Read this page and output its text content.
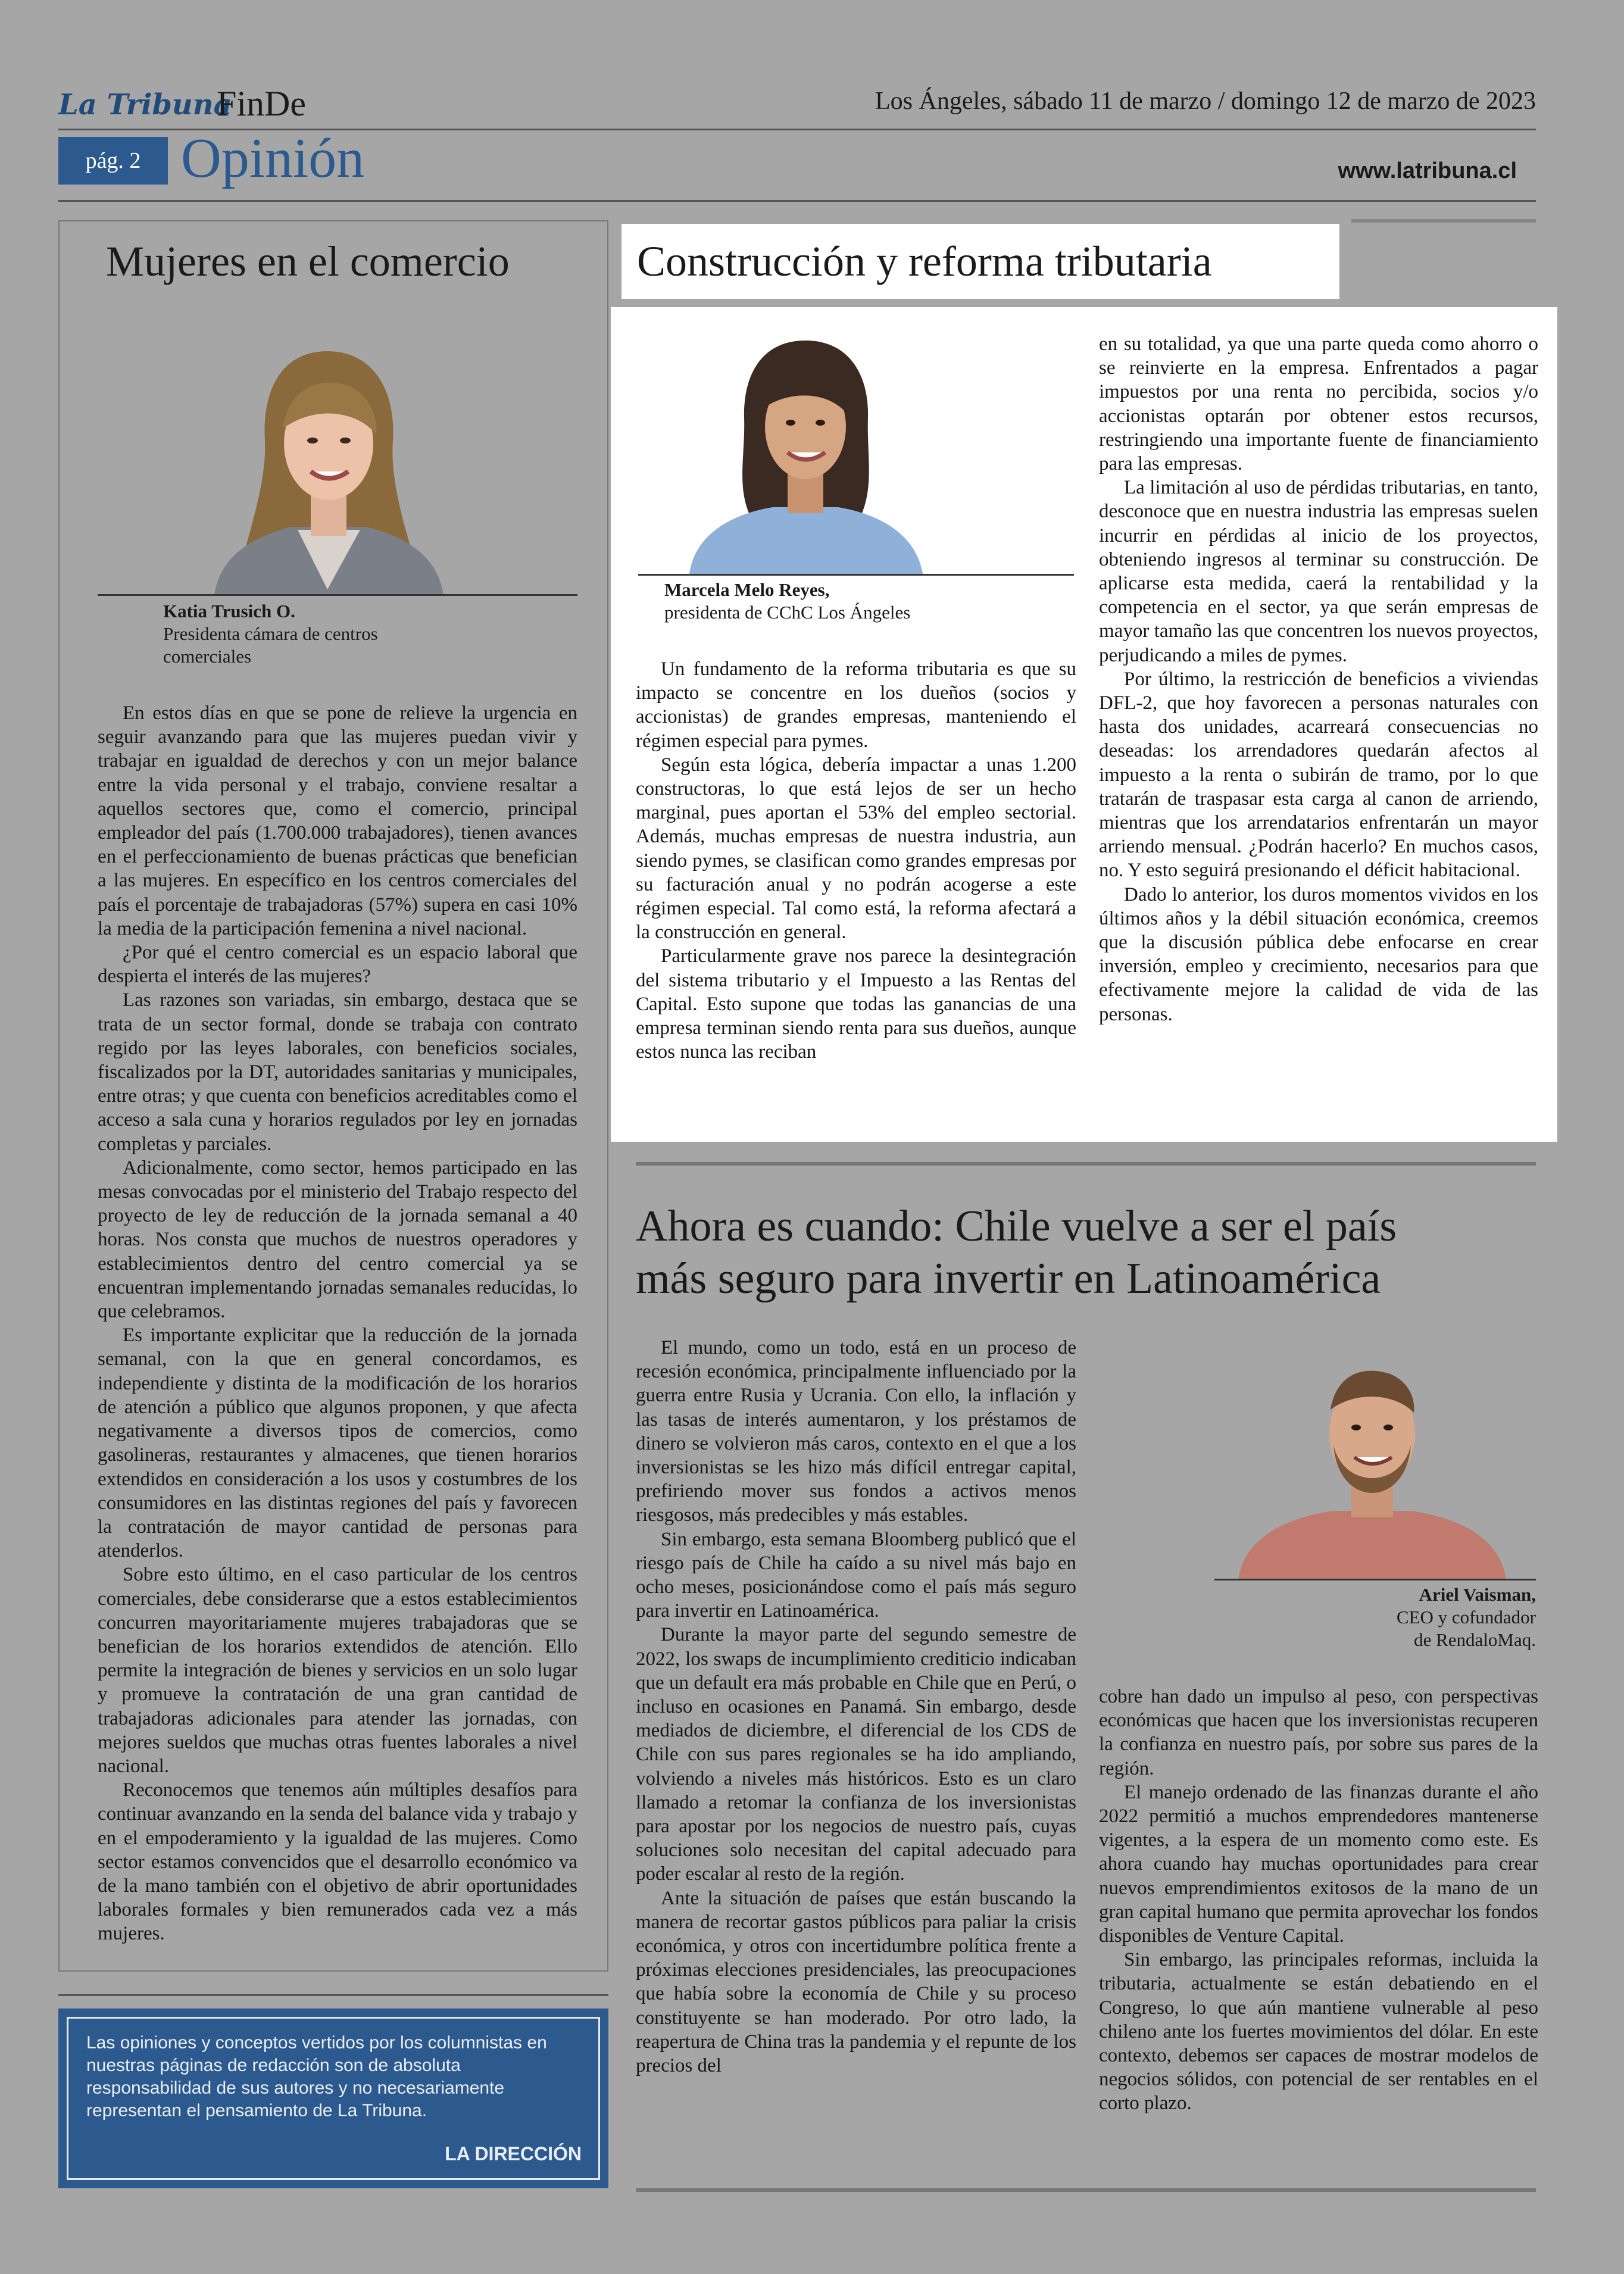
La Tribuna
FinDe	Los Ángeles, sábado 11 de marzo / domingo 12 de marzo de 2023
pág. 2 Opinión	www.latribuna.cl
Mujeres en el comercio
Katia Trusich O.
Presidenta cámara de centros
comerciales

En estos días en que se pone de relieve la urgencia en seguir avanzando para que las mujeres puedan vivir y trabajar en igualdad de derechos y con un mejor balance entre la vida personal y el trabajo, conviene resaltar a aquellos sectores que, como el comercio, principal empleador del país (1.700.000 trabajadores), tienen avances en el perfeccionamiento de buenas prácticas que benefician a las mujeres. En específico en los centros comerciales del país el porcentaje de trabajadoras (57%) supera en casi 10% la media de la participación femenina a nivel nacional.

¿Por qué el centro comercial es un espacio laboral que despierta el interés de las mujeres?

Las razones son variadas, sin embargo, destaca que se trata de un sector formal, donde se trabaja con contrato regido por las leyes laborales, con beneficios sociales, fiscalizados por la DT, autoridades sanitarias y municipales, entre otras; y que cuenta con beneficios acreditables como el acceso a sala cuna y horarios regulados por ley en jornadas completas y parciales.

Adicionalmente, como sector, hemos participado en las mesas convocadas por el ministerio del Trabajo respecto del proyecto de ley de reducción de la jornada semanal a 40 horas. Nos consta que muchos de nuestros operadores y establecimientos dentro del centro comercial ya se encuentran implementando jornadas semanales reducidas, lo que celebramos.

Es importante explicitar que la reducción de la jornada semanal, con la que en general concordamos, es independiente y distinta de la modificación de los horarios de atención a público que algunos proponen, y que afecta negativamente a diversos tipos de comercios, como gasolineras, restaurantes y almacenes, que tienen horarios extendidos en consideración a los usos y costumbres de los consumidores en las distintas regiones del país y favorecen la contratación de mayor cantidad de personas para atenderlos.

Sobre esto último, en el caso particular de los centros comerciales, debe considerarse que a estos establecimientos concurren mayoritariamente mujeres trabajadoras que se benefician de los horarios extendidos de atención. Ello permite la integración de bienes y servicios en un solo lugar y promueve la contratación de una gran cantidad de trabajadoras adicionales para atender las jornadas, con mejores sueldos que muchas otras fuentes laborales a nivel nacional.

Reconocemos que tenemos aún múltiples desafíos para continuar avanzando en la senda del balance vida y trabajo y en el empoderamiento y la igualdad de las mujeres. Como sector estamos convencidos que el desarrollo económico va de la mano también con el objetivo de abrir oportunidades laborales formales y bien remunerados cada vez a más mujeres.

Las opiniones y conceptos vertidos por los columnistas en nuestras páginas de redacción son de absoluta responsabilidad de sus autores y no necesariamente representan el pensamiento de La Tribuna.
LA DIRECCIÓN
Construcción y reforma tributaria
Marcela Melo Reyes,
presidenta de CChC Los Ángeles

Un fundamento de la reforma tributaria es que su impacto se concentre en los dueños (socios y accionistas) de grandes empresas, manteniendo el régimen especial para pymes.

Según esta lógica, debería impactar a unas 1.200 constructoras, lo que está lejos de ser un hecho marginal, pues aportan el 53% del empleo sectorial. Además, muchas empresas de nuestra industria, aun siendo pymes, se clasifican como grandes empresas por su facturación anual y no podrán acogerse a este régimen especial. Tal como está, la reforma afectará a la construcción en general.

Particularmente grave nos parece la desintegración del sistema tributario y el Impuesto a las Rentas del Capital. Esto supone que todas las ganancias de una empresa terminan siendo renta para sus dueños, aunque estos nunca las reciban

en su totalidad, ya que una parte queda como ahorro o se reinvierte en la empresa. Enfrentados a pagar impuestos por una renta no percibida, socios y/o accionistas optarán por obtener estos recursos, restringiendo una importante fuente de financiamiento para las empresas.

La limitación al uso de pérdidas tributarias, en tanto, desconoce que en nuestra industria las empresas suelen incurrir en pérdidas al inicio de los proyectos, obteniendo ingresos al terminar su construcción. De aplicarse esta medida, caerá la rentabilidad y la competencia en el sector, ya que serán empresas de mayor tamaño las que concentren los nuevos proyectos, perjudicando a miles de pymes.

Por último, la restricción de beneficios a viviendas DFL-2, que hoy favorecen a personas naturales con hasta dos unidades, acarreará consecuencias no deseadas: los arrendadores quedarán afectos al impuesto a la renta o subirán de tramo, por lo que tratarán de traspasar esta carga al canon de arriendo, mientras que los arrendatarios enfrentarán un mayor arriendo mensual. ¿Podrán hacerlo? En muchos casos, no. Y esto seguirá presionando el déficit habitacional.

Dado lo anterior, los duros momentos vividos en los últimos años y la débil situación económica, creemos que la discusión pública debe enfocarse en crear inversión, empleo y crecimiento, necesarios para que efectivamente mejore la calidad de vida de las personas.

Ahora es cuando: Chile vuelve a ser el país
más seguro para invertir en Latinoamérica
Ariel Vaisman,
CEO y cofundador
de RendaloMaq.

El mundo, como un todo, está en un proceso de recesión económica, principalmente influenciado por la guerra entre Rusia y Ucrania. Con ello, la inflación y las tasas de interés aumentaron, y los préstamos de dinero se volvieron más caros, contexto en el que a los inversionistas se les hizo más difícil entregar capital, prefiriendo mover sus fondos a activos menos riesgosos, más predecibles y más estables.

Sin embargo, esta semana Bloomberg publicó que el riesgo país de Chile ha caído a su nivel más bajo en ocho meses, posicionándose como el país más seguro para invertir en Latinoamérica.

Durante la mayor parte del segundo semestre de 2022, los swaps de incumplimiento crediticio indicaban que un default era más probable en Chile que en Perú, o incluso en ocasiones en Panamá. Sin embargo, desde mediados de diciembre, el diferencial de los CDS de Chile con sus pares regionales se ha ido ampliando, volviendo a niveles más históricos. Esto es un claro llamado a retomar la confianza de los inversionistas para apostar por los negocios de nuestro país, cuyas soluciones solo necesitan del capital adecuado para poder escalar al resto de la región.

Ante la situación de países que están buscando la manera de recortar gastos públicos para paliar la crisis económica, y otros con incertidumbre política frente a próximas elecciones presidenciales, las preocupaciones que había sobre la economía de Chile y su proceso constituyente se han moderado. Por otro lado, la reapertura de China tras la pandemia y el repunte de los precios del

cobre han dado un impulso al peso, con perspectivas económicas que hacen que los inversionistas recuperen la confianza en nuestro país, por sobre sus pares de la región.

El manejo ordenado de las finanzas durante el año 2022 permitió a muchos emprendedores mantenerse vigentes, a la espera de un momento como este. Es ahora cuando hay muchas oportunidades para crear nuevos emprendimientos exitosos de la mano de un gran capital humano que permita aprovechar los fondos disponibles de Venture Capital.

Sin embargo, las principales reformas, incluida la tributaria, actualmente se están debatiendo en el Congreso, lo que aún mantiene vulnerable al peso chileno ante los fuertes movimientos del dólar. En este contexto, debemos ser capaces de mostrar modelos de negocios sólidos, con potencial de ser rentables en el corto plazo.
